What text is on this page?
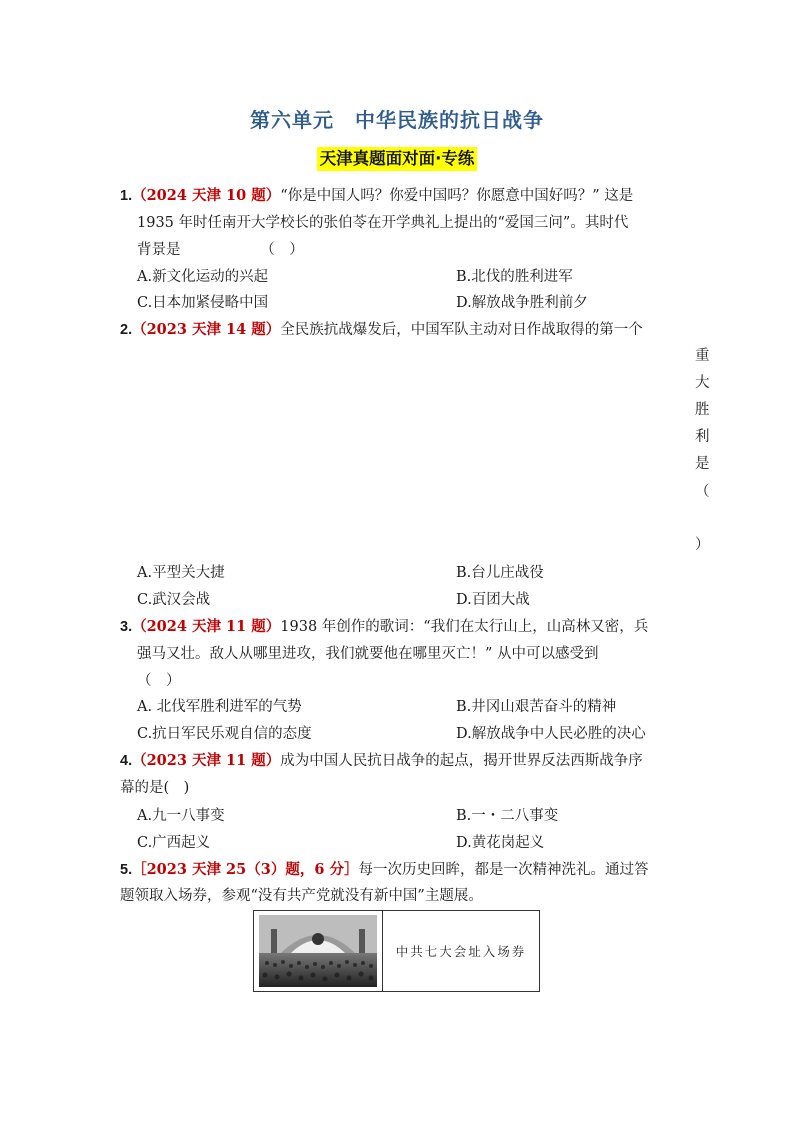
第六单元　中华民族的抗日战争
天津真题面对面·专练
1.（2024 天津 10 题）“你是中国人吗？你爱中国吗？你愿意中国好吗？” 这是
1935 年时任南开大学校长的张伯苓在开学典礼上提出的“爱国三问”。其时代
背景是　　　　　　（　）
A.新文化运动的兴起	B.北伐的胜利进军
C.日本加紧侵略中国	D.解放战争胜利前夕
2.（2023 天津 14 题）全民族抗战爆发后，中国军队主动对日作战取得的第一个
重
大
胜
利
是
（
）
A.平型关大捷	B.台儿庄战役
C.武汉会战	D.百团大战
3.（2024 天津 11 题）1938 年创作的歌词：“我们在太行山上，山高林又密，兵
强马又壮。敌人从哪里进攻，我们就要他在哪里灭亡！” 从中可以感受到
（　）
A. 北伐军胜利进军的气势	B.井冈山艰苦奋斗的精神
C.抗日军民乐观自信的态度	D.解放战争中人民必胜的决心
4.（2023 天津 11 题）成为中国人民抗日战争的起点，揭开世界反法西斯战争序
幕的是(　)
A.九一八事变	B.一・二八事变
C.广西起义	D.黄花岗起义
5.［2023 天津 25（3）题，6 分］每一次历史回眸，都是一次精神洗礼。通过答
题领取入场券，参观“没有共产党就没有新中国”主题展。
中共七大会址入场券
